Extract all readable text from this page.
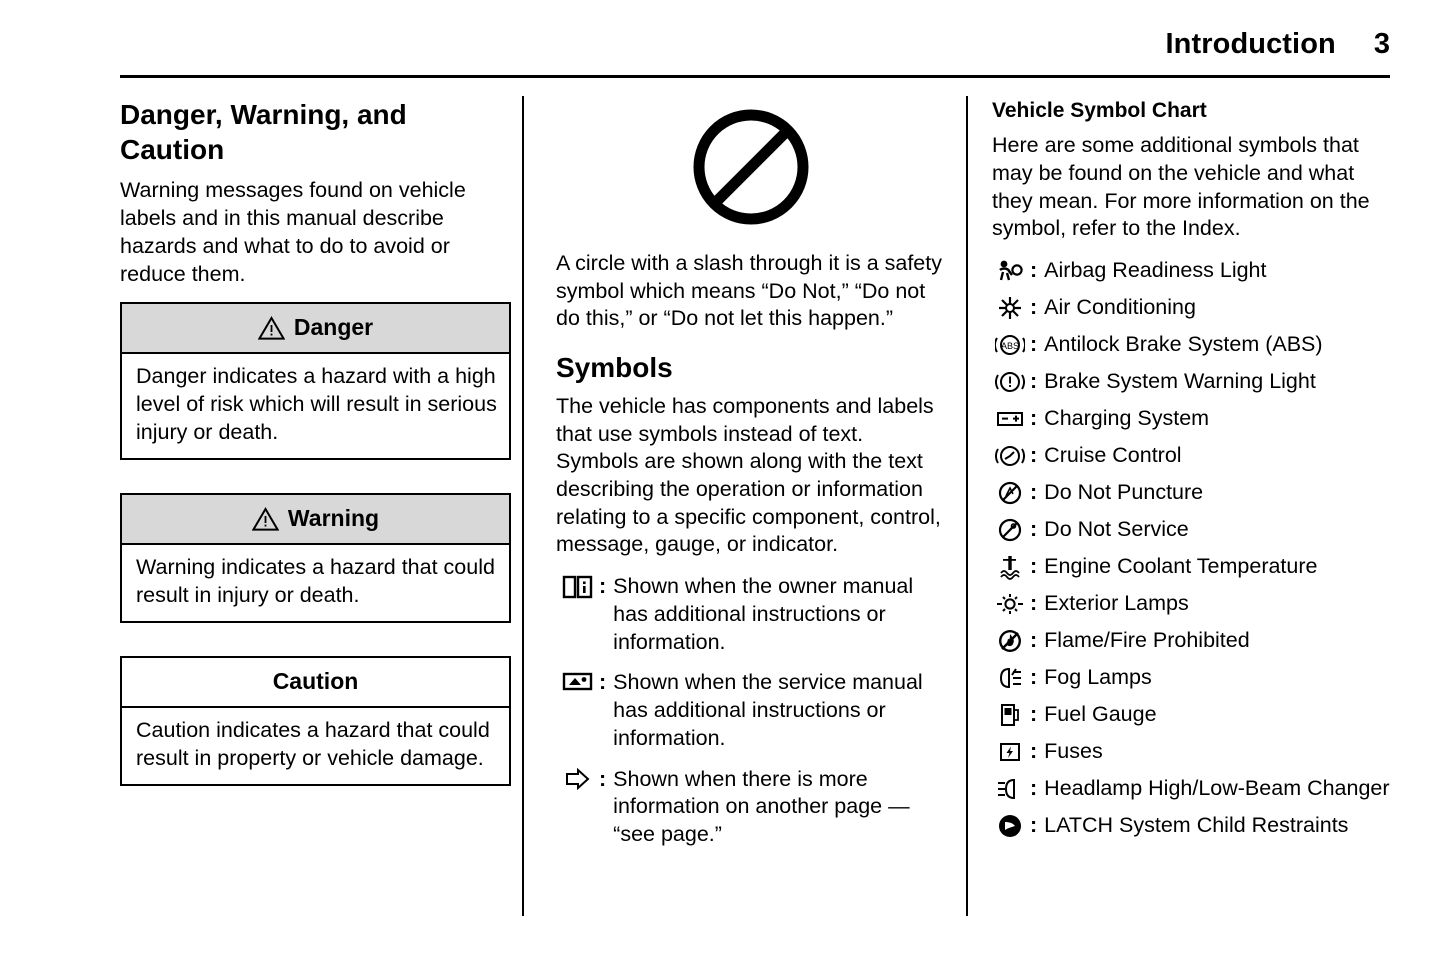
Introduction 3
Danger, Warning, and Caution

Warning messages found on vehicle labels and in this manual describe hazards and what to do to avoid or reduce them.

Danger
Danger indicates a hazard with a high level of risk which will result in serious injury or death.
Warning
Warning indicates a hazard that could result in injury or death.
Caution
Caution indicates a hazard that could result in property or vehicle damage.

A circle with a slash through it is a safety symbol which means “Do Not,” “Do not do this,” or “Do not let this happen.”

Symbols

The vehicle has components and labels that use symbols instead of text. Symbols are shown along with the text describing the operation or information relating to a specific component, control, message, gauge, or indicator.

: Shown when the owner manual has additional instructions or information.
: Shown when the service manual has additional instructions or information.
: Shown when there is more information on another page — “see page.”
Vehicle Symbol Chart

Here are some additional symbols that may be found on the vehicle and what they mean. For more information on the symbol, refer to the Index.

: Airbag Readiness Light
: Air Conditioning
ABS : Antilock Brake System (ABS)
: Brake System Warning Light
: Charging System
: Cruise Control
: Do Not Puncture
: Do Not Service
: Engine Coolant Temperature
: Exterior Lamps
: Flame/Fire Prohibited
: Fog Lamps
: Fuel Gauge
: Fuses
: Headlamp High/Low-Beam Changer
: LATCH System Child Restraints
